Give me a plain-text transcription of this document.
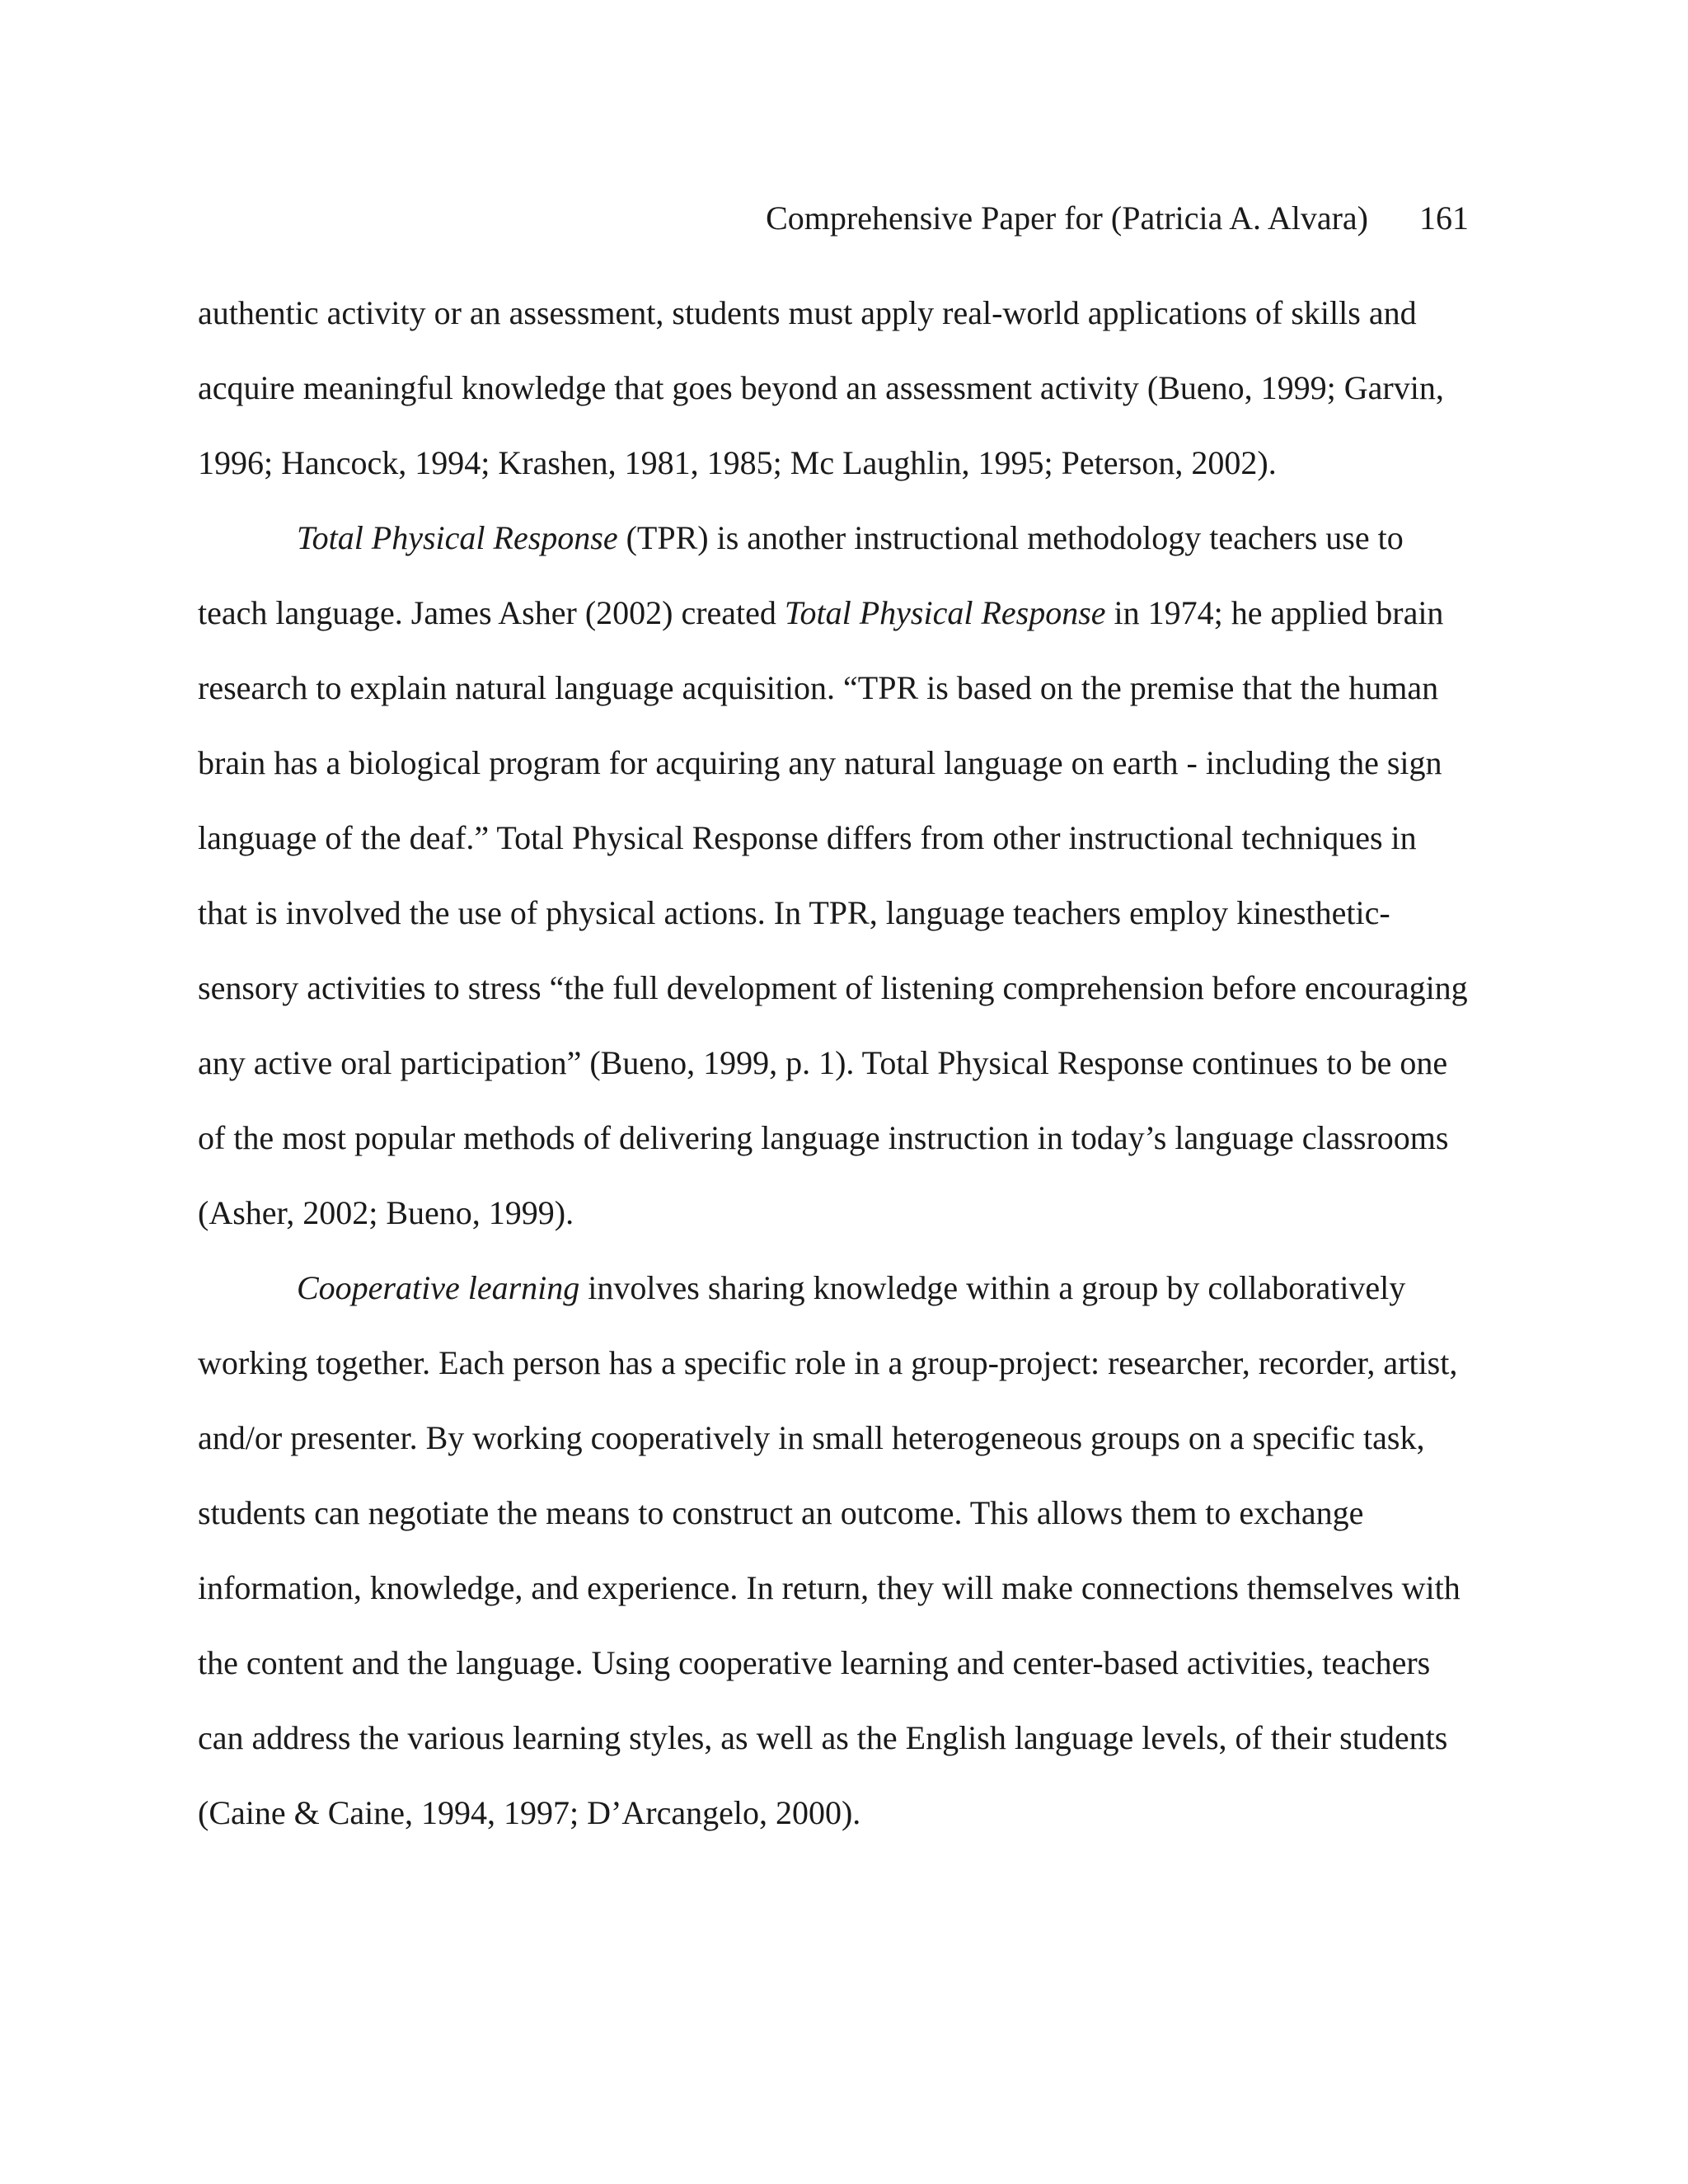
Comprehensive Paper for (Patricia A. Alvara) 161
authentic activity or an assessment, students must apply real-world applications of skills and
acquire meaningful knowledge that goes beyond an assessment activity (Bueno, 1999; Garvin,
1996; Hancock, 1994; Krashen, 1981, 1985; Mc Laughlin, 1995; Peterson, 2002).
Total Physical Response (TPR) is another instructional methodology teachers use to
teach language. James Asher (2002) created Total Physical Response in 1974; he applied brain
research to explain natural language acquisition. “TPR is based on the premise that the human
brain has a biological program for acquiring any natural language on earth - including the sign
language of the deaf.” Total Physical Response differs from other instructional techniques in
that is involved the use of physical actions. In TPR, language teachers employ kinesthetic-
sensory activities to stress “the full development of listening comprehension before encouraging
any active oral participation” (Bueno, 1999, p. 1). Total Physical Response continues to be one
of the most popular methods of delivering language instruction in today’s language classrooms
(Asher, 2002; Bueno, 1999).
Cooperative learning involves sharing knowledge within a group by collaboratively
working together. Each person has a specific role in a group-project: researcher, recorder, artist,
and/or presenter. By working cooperatively in small heterogeneous groups on a specific task,
students can negotiate the means to construct an outcome. This allows them to exchange
information, knowledge, and experience. In return, they will make connections themselves with
the content and the language. Using cooperative learning and center-based activities, teachers
can address the various learning styles, as well as the English language levels, of their students
(Caine & Caine, 1994, 1997; D’Arcangelo, 2000).
